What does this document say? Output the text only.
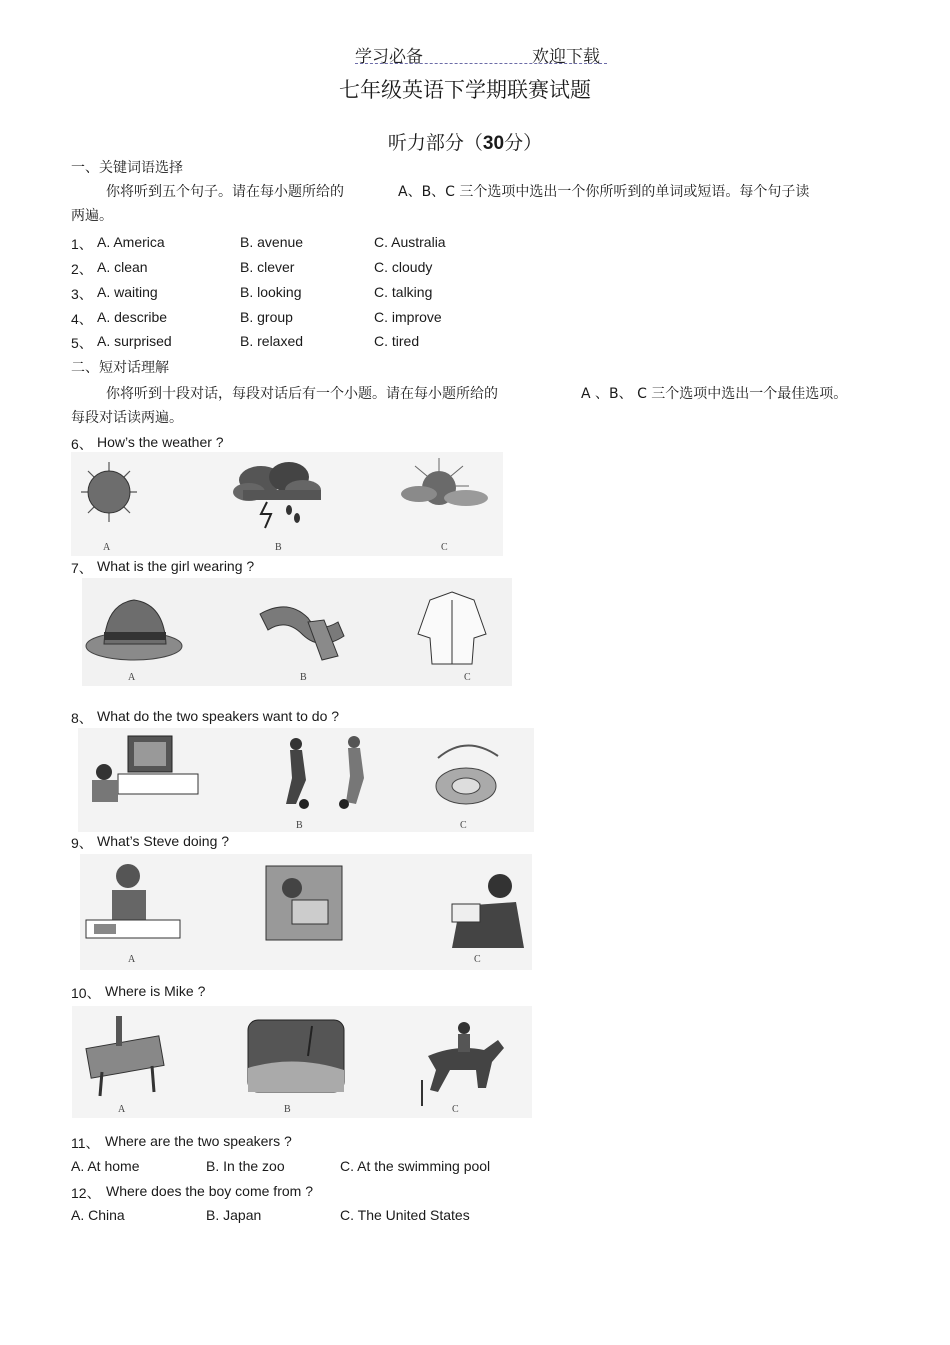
学习必备	欢迎下载
七年级英语下学期联赛试题
听力部分（30分）
一、关键词语选择
你将听到五个句子。请在每小题所给的	A、B、C 三个选项中选出一个你所听到的单词或短语。每个句子读
两遍。
1、 A. America	B. avenue	C. Australia
2、 A. clean	B. clever	C. cloudy
3、 A. waiting	B. looking	C. talking
4、 A. describe	B. group	C. improve
5、 A. surprised	B. relaxed	C. tired
二、短对话理解
你将听到十段对话，每段对话后有一个小题。请在每小题所给的	A 、B、 C 三个选项中选出一个最佳选项。
每段对话读两遍。
6、 How’s the weather ?
A	B	C
7、 What is the girl wearing ?
A	B	C
8、 What do the two speakers want to do ?
B	C
9、 What’s Steve doing ?
A	C
10、 Where is Mike ?
A	B	C
11、 Where are the two speakers ?
A. At home	B. In the zoo	C. At the swimming pool
12、 Where does the boy come from ?
A. China	B. Japan	C. The United States
